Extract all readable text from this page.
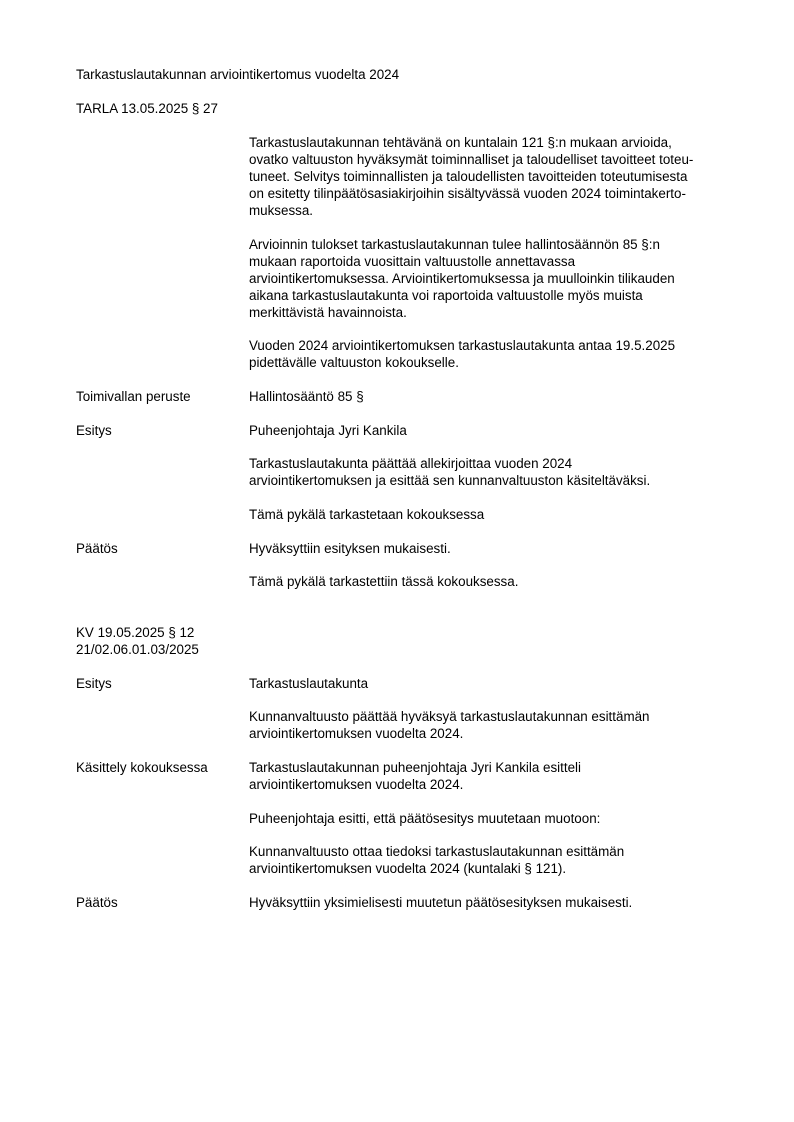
Tarkastuslautakunnan arviointikertomus vuodelta 2024
TARLA 13.05.2025 § 27
Tarkastuslautakunnan tehtävänä on kuntalain 121 §:n mukaan arvioida,
ovatko valtuuston hyväksymät toiminnalliset ja taloudelliset tavoitteet toteu-
tuneet. Selvitys toiminnallisten ja taloudellisten tavoitteiden toteutumisesta
on esitetty tilinpäätösasiakirjoihin sisältyvässä vuoden 2024 toimintakerto-
muksessa.
Arvioinnin tulokset tarkastuslautakunnan tulee hallintosäännön 85 §:n
mukaan raportoida vuosittain valtuustolle annettavassa
arviointikertomuksessa. Arviointikertomuksessa ja muulloinkin tilikauden
aikana tarkastuslautakunta voi raportoida valtuustolle myös muista
merkittävistä havainnoista.
Vuoden 2024 arviointikertomuksen tarkastuslautakunta antaa 19.5.2025
pidettävälle valtuuston kokoukselle.
Toimivallan peruste	Hallintosääntö 85 §
Esitys	Puheenjohtaja Jyri Kankila
Tarkastuslautakunta päättää allekirjoittaa vuoden 2024
arviointikertomuksen ja esittää sen kunnanvaltuuston käsiteltäväksi.
Tämä pykälä tarkastetaan kokouksessa
Päätös	Hyväksyttiin esityksen mukaisesti.
Tämä pykälä tarkastettiin tässä kokouksessa.
KV 19.05.2025 § 12
21/02.06.01.03/2025
Esitys	Tarkastuslautakunta
Kunnanvaltuusto päättää hyväksyä tarkastuslautakunnan esittämän
arviointikertomuksen vuodelta 2024.
Käsittely kokouksessa	Tarkastuslautakunnan puheenjohtaja Jyri Kankila esitteli
arviointikertomuksen vuodelta 2024.
Puheenjohtaja esitti, että päätösesitys muutetaan muotoon:
Kunnanvaltuusto ottaa tiedoksi tarkastuslautakunnan esittämän
arviointikertomuksen vuodelta 2024 (kuntalaki § 121).
Päätös	Hyväksyttiin yksimielisesti muutetun päätösesityksen mukaisesti.
